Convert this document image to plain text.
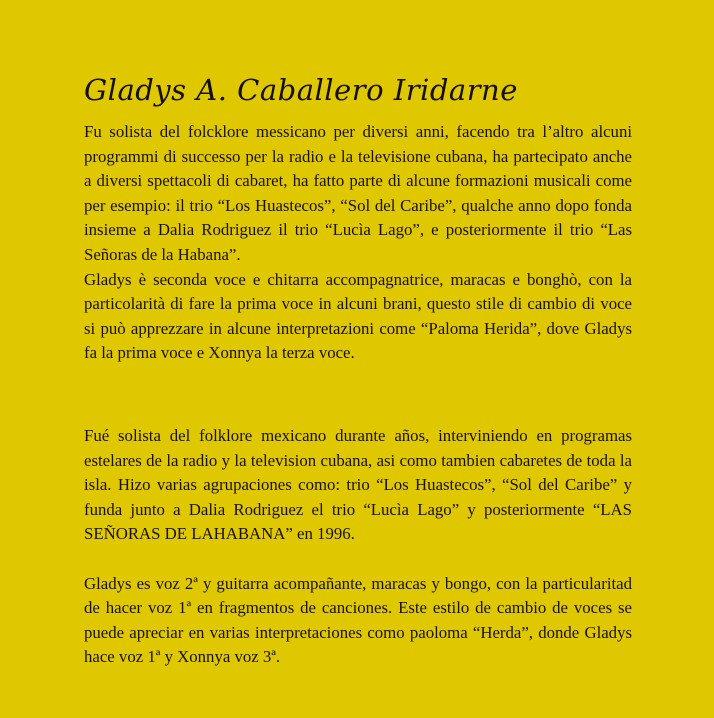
Gladys A. Caballero Iridarne

Fu solista del folcklore messicano per diversi anni, facendo tra l’altro alcuni programmi di successo per la radio e la televisione cubana, ha partecipato anche a diversi spettacoli di cabaret, ha fatto parte di alcune formazioni musicali come per esempio: il trio “Los Huastecos”, “Sol del Caribe”, qualche anno dopo fonda insieme a Dalia Rodriguez il trio “Lucìa Lago”, e posteriormente il trio “Las Señoras de la Habana”.

Gladys è seconda voce e chitarra accompagnatrice, maracas e bonghò, con la particolarità di fare la prima voce in alcuni brani, questo stile di cambio di voce si può apprezzare in alcune interpretazioni come “Paloma Herida”, dove Gladys fa la prima voce e Xonnya la terza voce.

Fué solista del folklore mexicano durante años, interviniendo en programas estelares de la radio y la television cubana, asi como tambien cabaretes de toda la isla. Hizo varias agrupaciones como: trio “Los Huastecos”, “Sol del Caribe” y funda junto a Dalia Rodriguez el trio “Lucìa Lago” y posteriormente “LAS SEÑORAS DE LAHABANA” en 1996.

Gladys es voz 2ª y guitarra acompañante, maracas y bongo, con la particularitad de hacer voz 1ª en fragmentos de canciones. Este estilo de cambio de voces se puede apreciar en varias interpretaciones como paoloma “Herda”, donde Gladys hace voz 1ª y Xonnya voz 3ª.
